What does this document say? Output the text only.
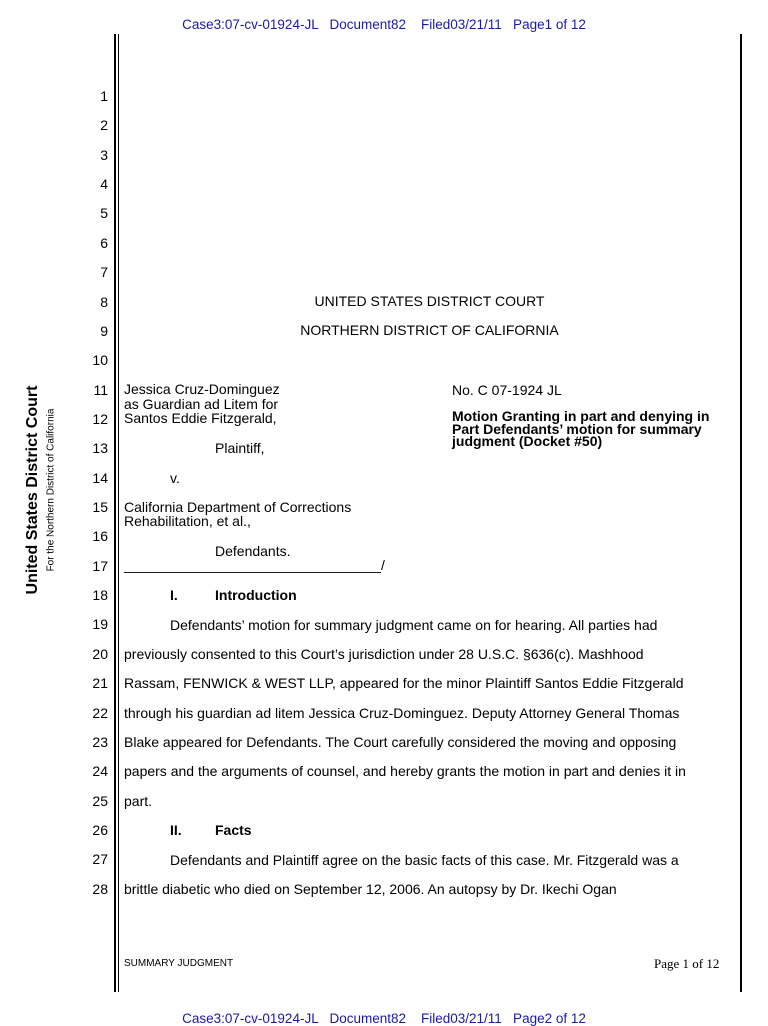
Case3:07-cv-01924-JL   Document82    Filed03/21/11   Page1 of 12
United States District Court For the Northern District of California
1
2
3
4
5
6
7
8
9
10
11
12
13
14
15
16
17
18
19
20
21
22
23
24
25
26
27
28
UNITED STATES DISTRICT COURT
NORTHERN DISTRICT OF CALIFORNIA
Jessica Cruz-Dominguez
as Guardian ad Litem for
Santos Eddie Fitzgerald,
Plaintiff,
v.
California Department of Corrections
Rehabilitation, et al.,
Defendants.
_________________________________/
No. C 07-1924 JL
Motion Granting in part and denying in Part Defendants’ motion for summary judgment (Docket #50)
I.	Introduction
Defendants’ motion for summary judgment came on for hearing. All parties had
previously consented to this Court’s jurisdiction under 28 U.S.C. §636(c). Mashhood
Rassam, FENWICK & WEST LLP, appeared for the minor Plaintiff Santos Eddie Fitzgerald
through his guardian ad litem Jessica Cruz-Dominguez. Deputy Attorney General Thomas
Blake appeared for Defendants. The Court carefully considered the moving and opposing
papers and the arguments of counsel, and hereby grants the motion in part and denies it in
part.
II. Facts
Defendants and Plaintiff agree on the basic facts of this case. Mr. Fitzgerald was a
brittle diabetic who died on September 12, 2006. An autopsy by Dr. Ikechi Ogan
SUMMARY JUDGMENT	Page 1 of 12
Case3:07-cv-01924-JL   Document82    Filed03/21/11   Page2 of 12
